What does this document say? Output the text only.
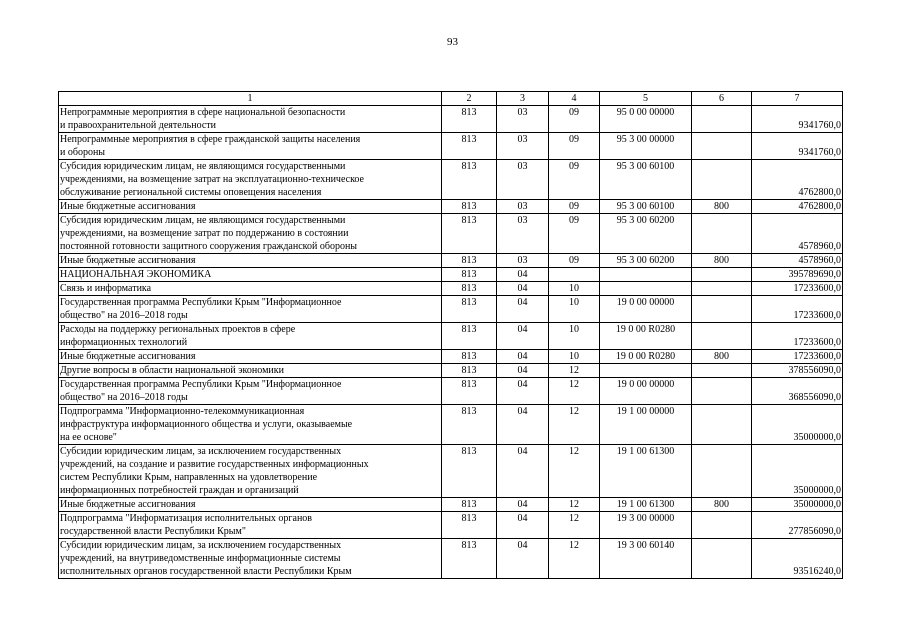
93
1	2	3	4	5	6	7
Непрограммные мероприятия в сфере национальной безопасности
и правоохранительной деятельности	813	03	09	95 0 00 00000		9341760,0
Непрограммные мероприятия в сфере гражданской защиты населения
и обороны	813	03	09	95 3 00 00000		9341760,0
Субсидия юридическим лицам, не являющимся государственными
учреждениями, на возмещение затрат на эксплуатационно-техническое
обслуживание региональной системы оповещения населения	813	03	09	95 3 00 60100		4762800,0
Иные бюджетные ассигнования	813	03	09	95 3 00 60100	800	4762800,0
Субсидия юридическим лицам, не являющимся государственными
учреждениями, на возмещение затрат по поддержанию в состоянии
постоянной готовности защитного сооружения гражданской обороны	813	03	09	95 3 00 60200		4578960,0
Иные бюджетные ассигнования	813	03	09	95 3 00 60200	800	4578960,0
НАЦИОНАЛЬНАЯ ЭКОНОМИКА	813	04				395789690,0
Связь и информатика	813	04	10			17233600,0
Государственная программа Республики Крым "Информационное
общество" на 2016–2018 годы	813	04	10	19 0 00 00000		17233600,0
Расходы на поддержку региональных проектов в сфере
информационных технологий	813	04	10	19 0 00 R0280		17233600,0
Иные бюджетные ассигнования	813	04	10	19 0 00 R0280	800	17233600,0
Другие вопросы в области национальной экономики	813	04	12			378556090,0
Государственная программа Республики Крым "Информационное
общество" на 2016–2018 годы	813	04	12	19 0 00 00000		368556090,0
Подпрограмма "Информационно-телекоммуникационная
инфраструктура информационного общества и услуги, оказываемые
на ее основе"	813	04	12	19 1 00 00000		35000000,0
Субсидии юридическим лицам, за исключением государственных
учреждений, на создание и развитие государственных информационных
систем Республики Крым, направленных на удовлетворение
информационных потребностей граждан и организаций	813	04	12	19 1 00 61300		35000000,0
Иные бюджетные ассигнования	813	04	12	19 1 00 61300	800	35000000,0
Подпрограмма "Информатизация исполнительных органов
государственной власти Республики Крым"	813	04	12	19 3 00 00000		277856090,0
Субсидии юридическим лицам, за исключением государственных
учреждений, на внутриведомственные информационные системы
исполнительных органов государственной власти Республики Крым	813	04	12	19 3 00 60140		93516240,0
